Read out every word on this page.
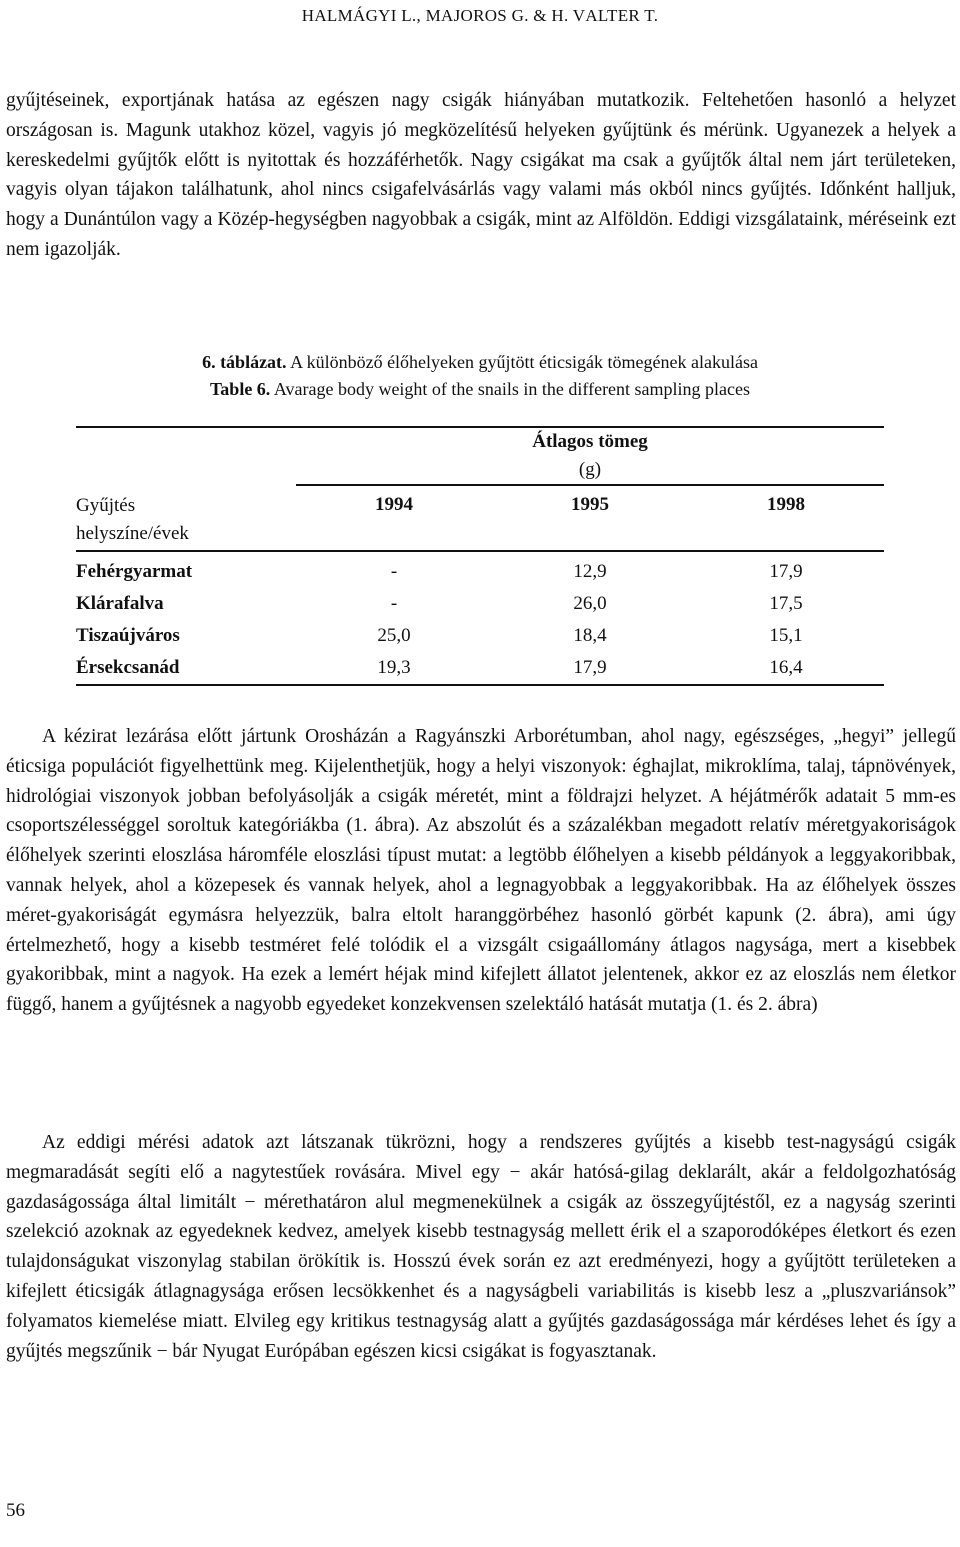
HALMÁGYI L., MAJOROS G. & H. VALTER T.

gyűjtéseinek, exportjának hatása az egészen nagy csigák hiányában mutatkozik. Feltehetően hasonló a helyzet országosan is. Magunk utakhoz közel, vagyis jó megközelítésű helyeken gyűjtünk és mérünk. Ugyanezek a helyek a kereskedelmi gyűjtők előtt is nyitottak és hozzáférhetők. Nagy csigákat ma csak a gyűjtők által nem járt területeken, vagyis olyan tájakon találhatunk, ahol nincs csigafelvásárlás vagy valami más okból nincs gyűjtés. Időnként halljuk, hogy a Dunántúlon vagy a Közép-hegységben nagyobbak a csigák, mint az Alföldön. Eddigi vizsgálataink, méréseink ezt nem igazolják.

6. táblázat. A különböző élőhelyeken gyűjtött éticsigák tömegének alakulása
Table 6. Avarage body weight of the snails in the different sampling places

		Átlagos tömeg
(g)	

Gyűjtés
helyszíne/évek	1994	1995	1998
Fehérgyarmat	-	12,9	17,9
Klárafalva	-	26,0	17,5
Tiszaújváros	25,0	18,4	15,1
Érsekcsanád	19,3	17,9	16,4

A kézirat lezárása előtt jártunk Orosházán a Ragyánszki Arborétumban, ahol nagy, egészséges, „hegyi” jellegű éticsiga populációt figyelhettünk meg. Kijelenthetjük, hogy a helyi viszonyok: éghajlat, mikroklíma, talaj, tápnövények, hidrológiai viszonyok jobban befolyásolják a csigák méretét, mint a földrajzi helyzet. A héjátmérők adatait 5 mm-es csoportszélességgel soroltuk kategóriákba (1. ábra). Az abszolút és a százalékban megadott relatív méretgyakoriságok élőhelyek szerinti eloszlása háromféle eloszlási típust mutat: a legtöbb élőhelyen a kisebb példányok a leggyakoribbak, vannak helyek, ahol a közepesek és vannak helyek, ahol a legnagyobbak a leggyakoribbak. Ha az élőhelyek összes méret-gyakoriságát egymásra helyezzük, balra eltolt haranggörbéhez hasonló görbét kapunk (2. ábra), ami úgy értelmezhető, hogy a kisebb testméret felé tolódik el a vizsgált csigaállomány átlagos nagysága, mert a kisebbek gyakoribbak, mint a nagyok. Ha ezek a lemért héjak mind kifejlett állatot jelentenek, akkor ez az eloszlás nem életkor függő, hanem a gyűjtésnek a nagyobb egyedeket konzekvensen szelektáló hatását mutatja (1. és 2. ábra)

Az eddigi mérési adatok azt látszanak tükrözni, hogy a rendszeres gyűjtés a kisebb test-nagyságú csigák megmaradását segíti elő a nagytestűek rovására. Mivel egy − akár hatósá-gilag deklarált, akár a feldolgozhatóság gazdaságossága által limitált − mérethatáron alul megmenekülnek a csigák az összegyűjtéstől, ez a nagyság szerinti szelekció azoknak az egyedeknek kedvez, amelyek kisebb testnagyság mellett érik el a szaporodóképes életkort és ezen tulajdonságukat viszonylag stabilan örökítik is. Hosszú évek során ez azt eredményezi, hogy a gyűjtött területeken a kifejlett éticsigák átlagnagysága erősen lecsökkenhet és a nagyságbeli variabilitás is kisebb lesz a „pluszvariánsok” folyamatos kiemelése miatt. Elvileg egy kritikus testnagyság alatt a gyűjtés gazdaságossága már kérdéses lehet és így a gyűjtés megszűnik − bár Nyugat Európában egészen kicsi csigákat is fogyasztanak.

56
